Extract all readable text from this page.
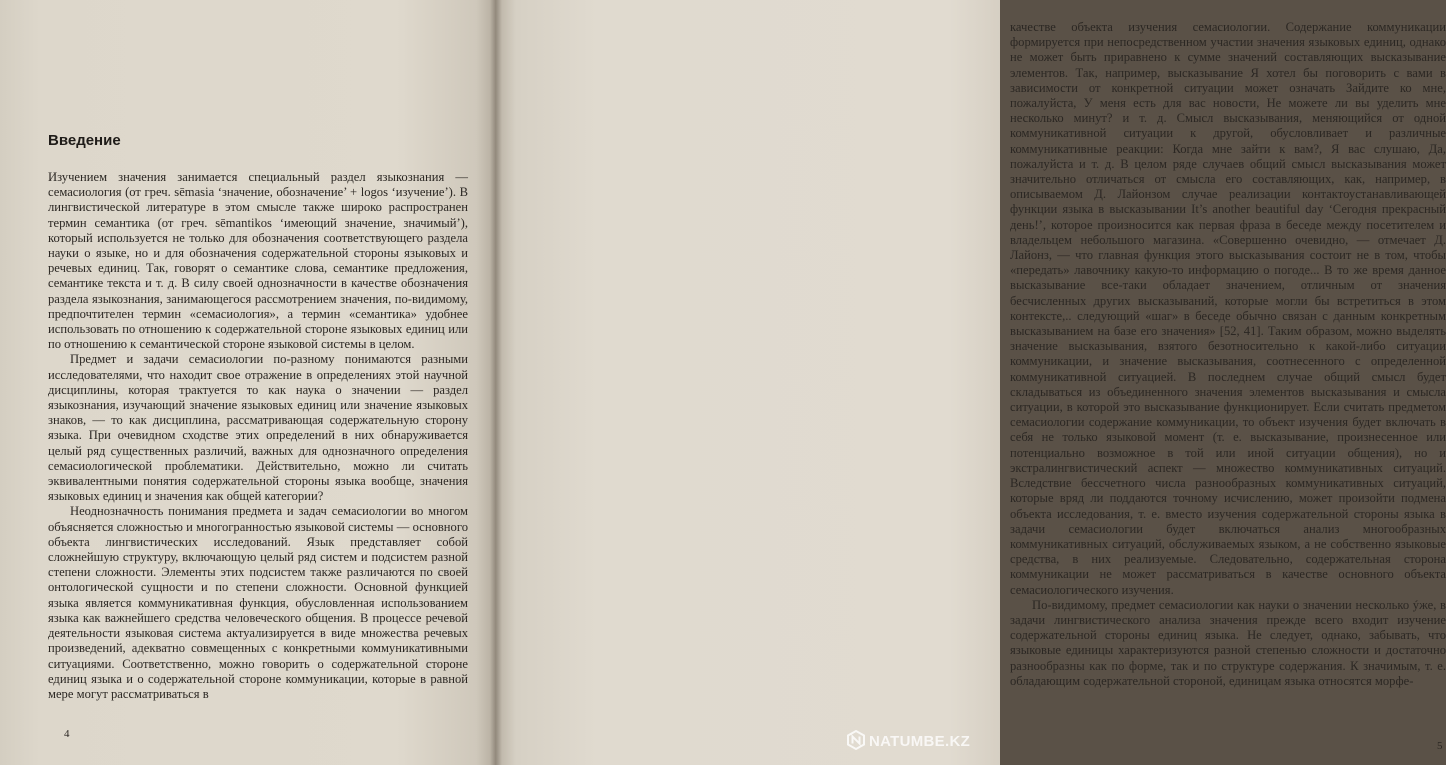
Введение

Изучением значения занимается специальный раздел языкознания — семасиология (от греч. sēmasia ‘значение, обозначение’ + logos ‘изучение’). В лингвистической литературе в этом смысле также широко распространен термин семантика (от греч. sēmantikos ‘имеющий значение, значимый’), который используется не только для обозначения соответствующего раздела науки о языке, но и для обозначения содержательной стороны языковых и речевых единиц. Так, говорят о семантике слова, семантике предложения, семантике текста и т. д. В силу своей однозначности в качестве обозначения раздела языкознания, занимающегося рассмотрением значения, по-видимому, предпочтителен термин «семасиология», а термин «семантика» удобнее использовать по отношению к содержательной стороне языковых единиц или по отношению к семантической стороне языковой системы в целом.

Предмет и задачи семасиологии по-разному понимаются разными исследователями, что находит свое отражение в определениях этой научной дисциплины, которая трактуется то как наука о значении — раздел языкознания, изучающий значение языковых единиц или значение языковых знаков, — то как дисциплина, рассматривающая содержательную сторону языка. При очевидном сходстве этих определений в них обнаруживается целый ряд существенных различий, важных для однозначного определения семасиологической проблематики. Действительно, можно ли считать эквивалентными понятия содержательной стороны языка вообще, значения языковых единиц и значения как общей категории?

Неоднозначность понимания предмета и задач семасиологии во многом объясняется сложностью и многогранностью языковой системы — основного объекта лингвистических исследований. Язык представляет собой сложнейшую структуру, включающую целый ряд систем и подсистем разной степени сложности. Элементы этих подсистем также различаются по своей онтологической сущности и по степени сложности. Основной функцией языка является коммуникативная функция, обусловленная использованием языка как важнейшего средства человеческого общения. В процессе речевой деятельности языковая система актуализируется в виде множества речевых произведений, адекватно совмещенных с конкретными коммуникативными ситуациями. Соответственно, можно говорить о содержательной стороне единиц языка и о содержательной стороне коммуникации, которые в равной мере могут рассматриваться в

4

качестве объекта изучения семасиологии. Содержание коммуникации формируется при непосредственном участии значения языковых единиц, однако не может быть приравнено к сумме значений составляющих высказывание элементов. Так, например, высказывание Я хотел бы поговорить с вами в зависимости от конкретной ситуации может означать Зайдите ко мне, пожалуйста, У меня есть для вас новости, Не можете ли вы уделить мне несколько минут? и т. д. Смысл высказывания, меняющийся от одной коммуникативной ситуации к другой, обусловливает и различные коммуникативные реакции: Когда мне зайти к вам?, Я вас слушаю, Да, пожалуйста и т. д. В целом ряде случаев общий смысл высказывания может значительно отличаться от смысла его составляющих, как, например, в описываемом Д. Лайонзом случае реализации контактоустанавливающей функции языка в высказывании It’s another beautiful day ‘Сегодня прекрасный день!’, которое произносится как первая фраза в беседе между посетителем и владельцем небольшого магазина. «Совершенно очевидно, — отмечает Д. Лайонз, — что главная функция этого высказывания состоит не в том, чтобы «передать» лавочнику какую-то информацию о погоде... В то же время данное высказывание все-таки обладает значением, отличным от значения бесчисленных других высказываний, которые могли бы встретиться в этом контексте,.. следующий «шаг» в беседе обычно связан с данным конкретным высказыванием на базе его значения» [52, 41]. Таким образом, можно выделять значение высказывания, взятого безотносительно к какой-либо ситуации коммуникации, и значение высказывания, соотнесенного с определенной коммуникативной ситуацией. В последнем случае общий смысл будет складываться из объединенного значения элементов высказывания и смысла ситуации, в которой это высказывание функционирует. Если считать предметом семасиологии содержание коммуникации, то объект изучения будет включать в себя не только языковой момент (т. е. высказывание, произнесенное или потенциально возможное в той или иной ситуации общения), но и экстралингвистический аспект — множество коммуникативных ситуаций. Вследствие бессчетного числа разнообразных коммуникативных ситуаций, которые вряд ли поддаются точному исчислению, может произойти подмена объекта исследования, т. е. вместо изучения содержательной стороны языка в задачи семасиологии будет включаться анализ многообразных коммуникативных ситуаций, обслуживаемых языком, а не собственно языковые средства, в них реализуемые. Следовательно, содержательная сторона коммуникации не может рассматриваться в качестве основного объекта семасиологического изучения.

По-видимому, предмет семасиологии как науки о значении несколько ýже, в задачи лингвистического анализа значения прежде всего входит изучение содержательной стороны единиц языка. Не следует, однако, забывать, что языковые единицы характеризуются разной степенью сложности и достаточно разнообразны как по форме, так и по структуре содержания. К значимым, т. е. обладающим содержательной стороной, единицам языка относятся морфе-

5
NATUMBE.KZ
